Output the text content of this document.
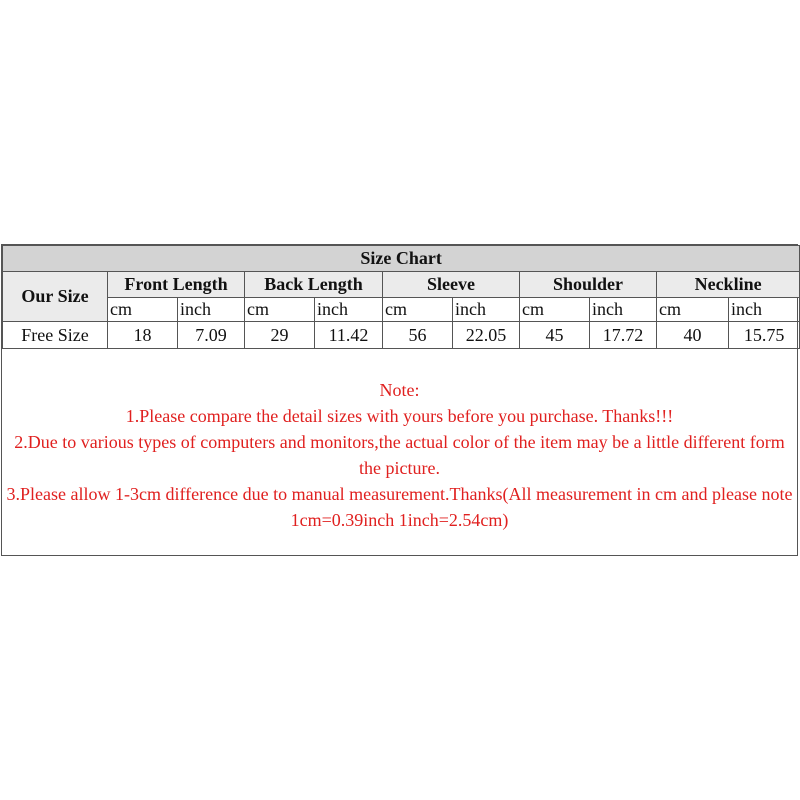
Size Chart										
Our Size	Front Length		Back Length		Sleeve		Shoulder		Neckline	
	cm	inch	cm	inch	cm	inch	cm	inch	cm	inch
Free Size	18	7.09	29	11.42	56	22.05	45	17.72	40	15.75
Note:
1.Please compare the detail sizes with yours before you purchase. Thanks!!!
2.Due to various types of computers and monitors,the actual color of the item may be a little different form the picture.
3.Please allow 1-3cm difference due to manual measurement.Thanks(All measurement in cm and please note 1cm=0.39inch 1inch=2.54cm)
